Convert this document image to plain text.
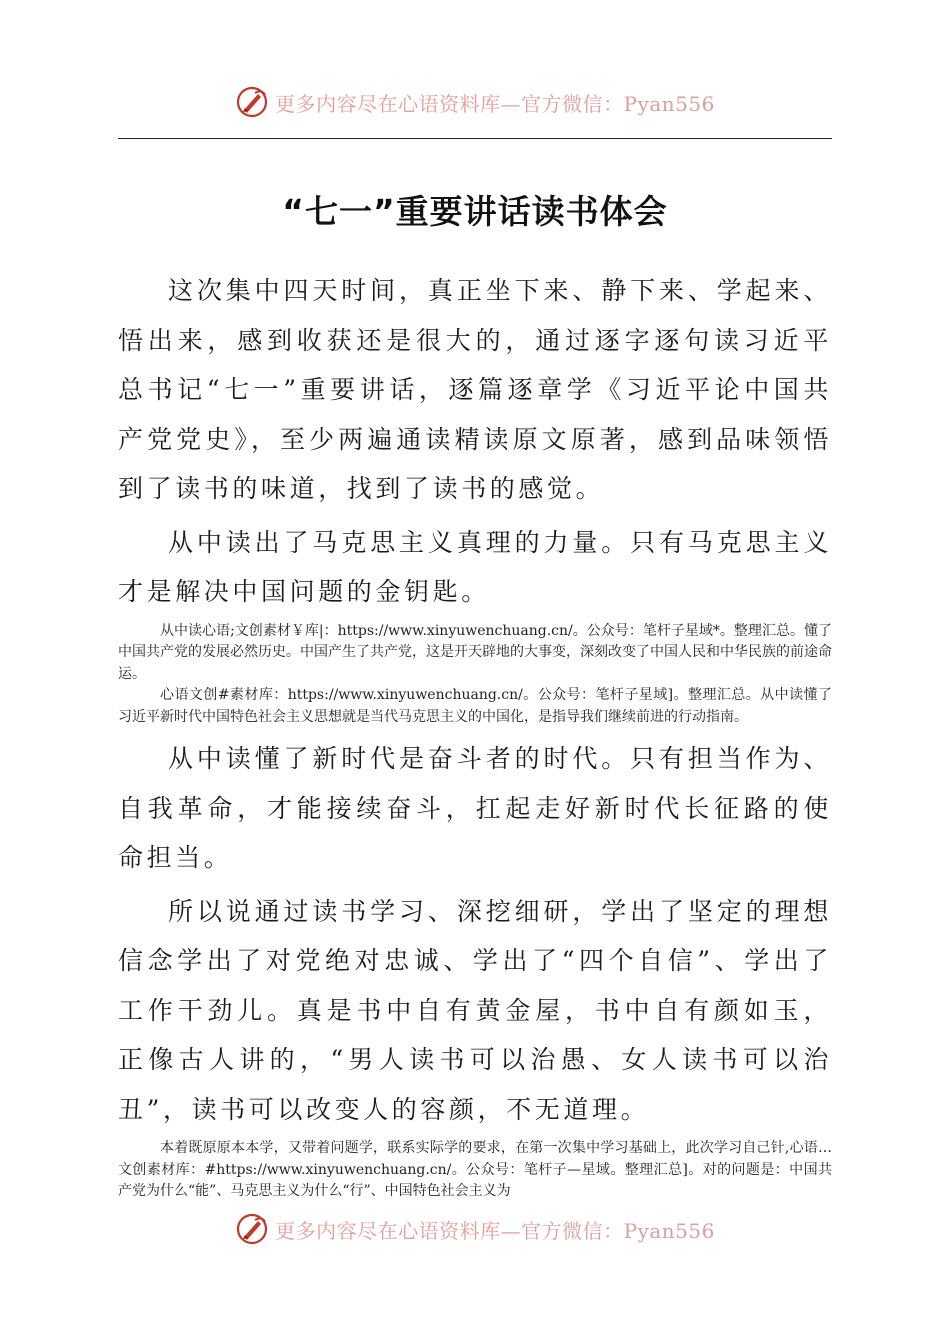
更多内容尽在心语资料库—官方微信：Pyan556
“七一”重要讲话读书体会

这次集中四天时间，真正坐下来、静下来、学起来、悟出来，感到收获还是很大的，通过逐字逐句读习近平总书记“七一”重要讲话，逐篇逐章学《习近平论中国共产党党史》，至少两遍通读精读原文原著，感到品味领悟到了读书的味道，找到了读书的感觉。

从中读出了马克思主义真理的力量。只有马克思主义才是解决中国问题的金钥匙。

从中读心语;文创素材￥库|：https://www.xinyuwenchuang.cn/。公众号：笔杆子星域*。整理汇总。懂了中国共产党的发展必然历史。中国产生了共产党，这是开天辟地的大事变，深刻改变了中国人民和中华民族的前途命运。

心语文创#素材库：https://www.xinyuwenchuang.cn/。公众号：笔杆子星域]。整理汇总。从中读懂了习近平新时代中国特色社会主义思想就是当代马克思主义的中国化，是指导我们继续前进的行动指南。

从中读懂了新时代是奋斗者的时代。只有担当作为、自我革命，才能接续奋斗，扛起走好新时代长征路的使命担当。

所以说通过读书学习、深挖细研，学出了坚定的理想信念学出了对党绝对忠诚、学出了“四个自信”、学出了工作干劲儿。真是书中自有黄金屋，书中自有颜如玉，正像古人讲的，“男人读书可以治愚、女人读书可以治丑”，读书可以改变人的容颜，不无道理。

本着既原原本本学，又带着问题学，联系实际学的要求，在第一次集中学习基础上，此次学习自己针,心语…文创素材库：#https://www.xinyuwenchuang.cn/。公众号：笔杆子—星域。整理汇总]。对的问题是：中国共产党为什么“能”、马克思主义为什么“行”、中国特色社会主义为

更多内容尽在心语资料库—官方微信：Pyan556
